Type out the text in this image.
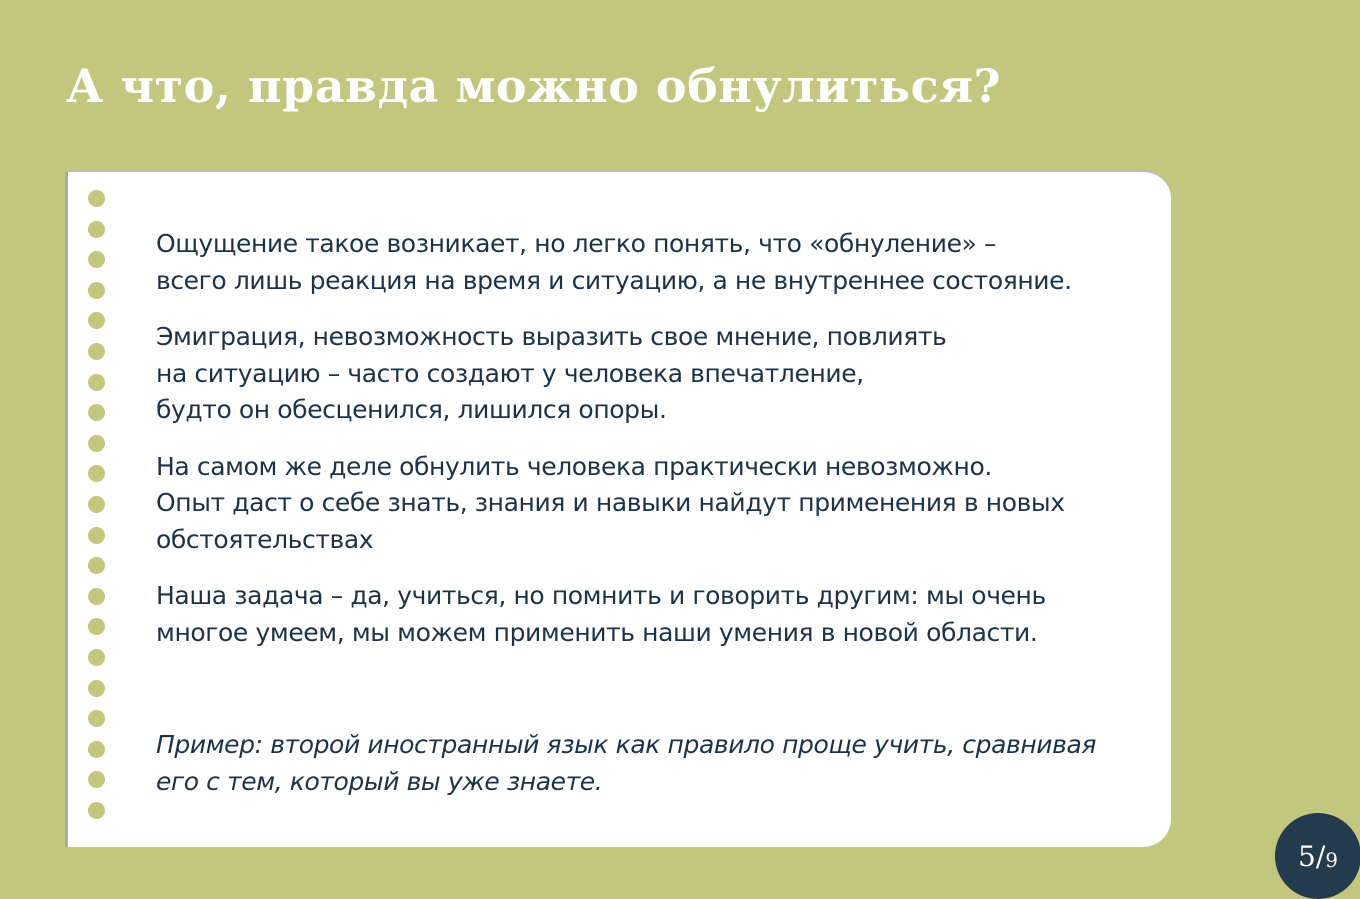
А что, правда можно обнулиться?

Ощущение такое возникает, но легко понять, что «обнуление» –
всего лишь реакция на время и ситуацию, а не внутреннее состояние.

Эмиграция, невозможность выразить свое мнение, повлиять
на ситуацию – часто создают у человека впечатление,
будто он обесценился, лишился опоры.

На самом же деле обнулить человека практически невозможно.
Опыт даст о себе знать, знания и навыки найдут применения в новых
обстоятельствах

Наша задача – да, учиться, но помнить и говорить другим: мы очень
многое умеем, мы можем применить наши умения в новой области.

Пример: второй иностранный язык как правило проще учить, сравнивая
его с тем, который вы уже знаете.

5 / 9
